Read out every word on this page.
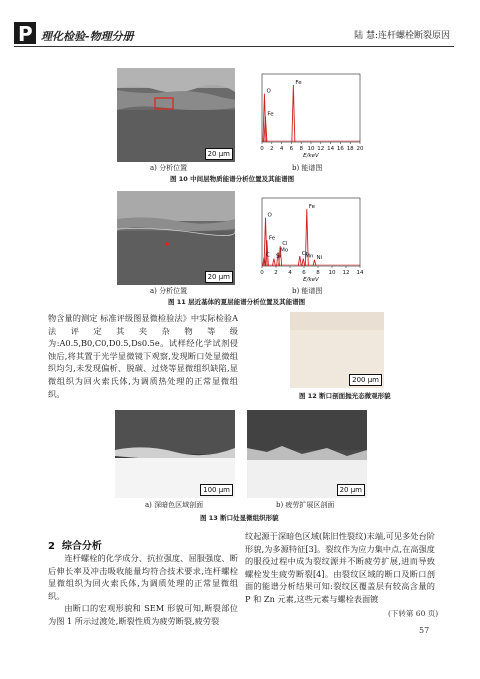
P 理化检验-物理分册	陆 慧:连杆螺栓断裂原因
20 μm
a) 分析位置
O
Fe
Fe
0 2 4 6 8 10 12 14 16 18 20
E/keV
b) 能谱图
图 10 中间层物质能谱分析位置及其能谱图
20 μm
a) 分析位置
O
Fe
Fe
Cl
Mo
Cr
Mn Ni
Si
C
0 2 4 6 8 10 12 14
E/keV
b) 能谱图
图 11 层近基体的夏层能谱分析位置及其能谱图
物含量的测定 标准评级图显微检验法》中实际检验A 法评定其夹杂物等级为:A0.5,B0,C0,D0.5,Ds0.5e。试样经化学试剂侵蚀后,将其置于光学显微镜下观察,发现断口处显微组织均匀,未发现偏析、脱碳、过烧等显微组织缺陷,显微组织为回火索氏体,为调质热处理的正常显微组织。
200 μm
图 12 断口剖面抛光态微观形貌
100 μm
a) 深暗色区域剖面
20 μm
b) 疲劳扩展区剖面
图 13 断口处显微组织形貌
2 综合分析

连杆螺栓的化学成分、抗拉强度、屈服强度、断后伸长率及冲击吸收能量均符合技术要求,连杆螺栓显微组织为回火索氏体,为调质处理的正常显微组织。

由断口的宏观形貌和 SEM 形貌可知,断裂部位为图 1 所示过渡处,断裂性质为疲劳断裂,疲劳裂

纹起源于深暗色区域(陈旧性裂纹)末端,可见多处台阶形貌,为多源特征[3]。裂纹作为应力集中点,在高强度的服役过程中成为裂纹源并不断疲劳扩展,进而导致螺栓发生疲劳断裂[4]。由裂纹区域的断口及断口剖面的能谱分析结果可知:裂纹区覆盖层有较高含量的 P 和 Zn 元素,这些元素与螺栓表面镀
(下转第 60 页)
57
